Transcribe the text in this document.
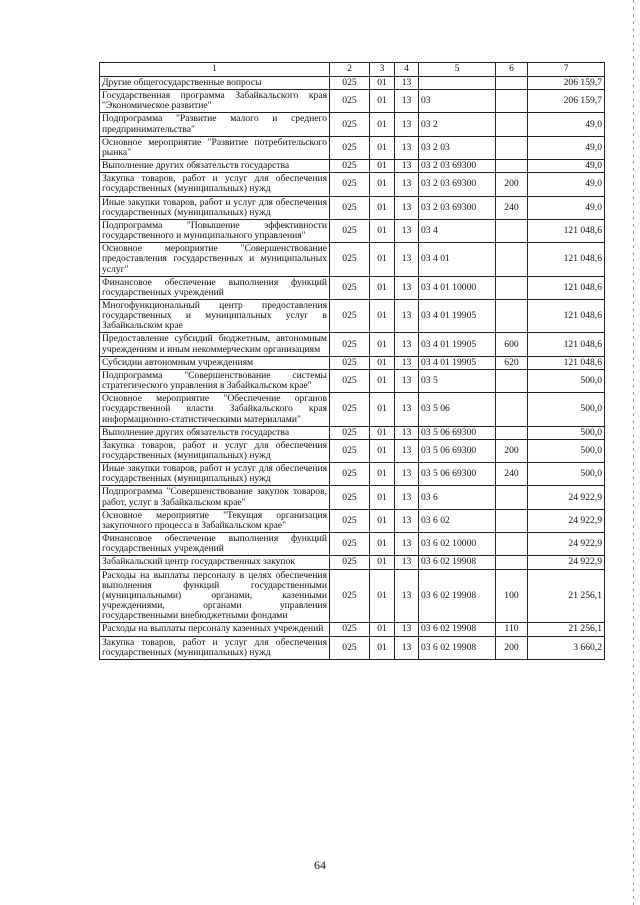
1	2	3	4	5	6	7
Другие общегосударственные вопросы	025	01	13			206 159,7
Государственная программа Забайкальского края "Экономическое развитие"	025	01	13	03		206 159,7
Подпрограмма "Развитие малого и среднего предпринимательства"	025	01	13	03 2		49,0
Основное мероприятие "Развитие потребительского рынка"	025	01	13	03 2 03		49,0
Выполнение других обязательств государства	025	01	13	03 2 03 69300		49,0
Закупка товаров, работ и услуг для обеспечения государственных (муниципальных) нужд	025	01	13	03 2 03 69300	200	49,0
Иные закупки товаров, работ и услуг для обеспечения государственных (муниципальных) нужд	025	01	13	03 2 03 69300	240	49,0
Подпрограмма "Повышение эффективности государственного и муниципального управления"	025	01	13	03 4		121 048,6
Основное мероприятие "Совершенствование предоставления государственных и муниципальных услуг"	025	01	13	03 4 01		121 048,6
Финансовое обеспечение выполнения функций государственных учреждений	025	01	13	03 4 01 10000		121 048,6
Многофункциональный центр предоставления государственных и муниципальных услуг в Забайкальском крае	025	01	13	03 4 01 19905		121 048,6
Предоставление субсидий бюджетным, автономным учреждениям и иным некоммерческим организациям	025	01	13	03 4 01 19905	600	121 048,6
Субсидии автономным учреждениям	025	01	13	03 4 01 19905	620	121 048,6
Подпрограмма "Совершенствование системы стратегического управления в Забайкальском крае"	025	01	13	03 5		500,0
Основное мероприятие "Обеспечение органов государственной власти Забайкальского края информационно-статистическими материалами"	025	01	13	03 5 06		500,0
Выполнение других обязательств государства	025	01	13	03 5 06 69300		500,0
Закупка товаров, работ и услуг для обеспечения государственных (муниципальных) нужд	025	01	13	03 5 06 69300	200	500,0
Иные закупки товаров, работ и услуг для обеспечения государственных (муниципальных) нужд	025	01	13	03 5 06 69300	240	500,0
Подпрограмма "Совершенствование закупок товаров, работ, услуг в Забайкальском крае"	025	01	13	03 6		24 922,9
Основное мероприятие "Текущая организация закупочного процесса в Забайкальском крае"	025	01	13	03 6 02		24 922,9
Финансовое обеспечение выполнения функций государственных учреждений	025	01	13	03 6 02 10000		24 922,9
Забайкальский центр государственных закупок	025	01	13	03 6 02 19908		24 922,9
Расходы на выплаты персоналу в целях обеспечения выполнения функций государственными (муниципальными) органами, казенными учреждениями, органами управления государственными внебюджетными фондами	025	01	13	03 6 02 19908	100	21 256,1
Расходы на выплаты персоналу казенных учреждений	025	01	13	03 6 02 19908	110	21 256,1
Закупка товаров, работ и услуг для обеспечения государственных (муниципальных) нужд	025	01	13	03 6 02 19908	200	3 660,2
64
